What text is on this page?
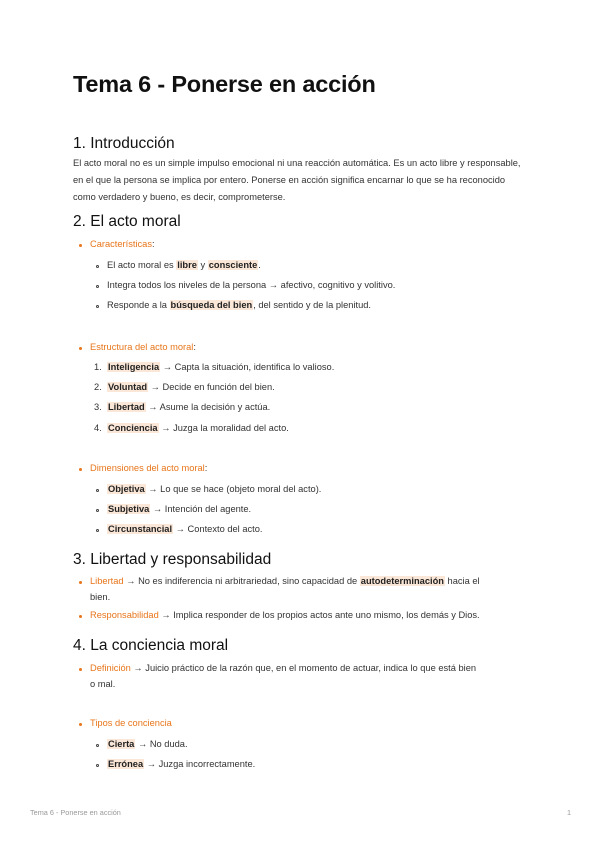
Tema 6 - Ponerse en acción
1. Introducción

El acto moral no es un simple impulso emocional ni una reacción automática. Es un acto libre y responsable, en el que la persona se implica por entero. Ponerse en acción significa encarnar lo que se ha reconocido como verdadero y bueno, es decir, comprometerse.

2. El acto moral
Características:
El acto moral es libre y consciente.
Integra todos los niveles de la persona → afectivo, cognitivo y volitivo.
Responde a la búsqueda del bien, del sentido y de la plenitud.
Estructura del acto moral:
1. Inteligencia → Capta la situación, identifica lo valioso.
2. Voluntad → Decide en función del bien.
3. Libertad → Asume la decisión y actúa.
4. Conciencia → Juzga la moralidad del acto.
Dimensiones del acto moral:
Objetiva → Lo que se hace (objeto moral del acto).
Subjetiva → Intención del agente.
Circunstancial → Contexto del acto.
3. Libertad y responsabilidad
Libertad → No es indiferencia ni arbitrariedad, sino capacidad de autodeterminación hacia el
bien.
Responsabilidad → Implica responder de los propios actos ante uno mismo, los demás y Dios.
4. La conciencia moral
Definición → Juicio práctico de la razón que, en el momento de actuar, indica lo que está bien
o mal.
Tipos de conciencia
Cierta → No duda.
Errónea → Juzga incorrectamente.
Tema 6 - Ponerse en acción	1
